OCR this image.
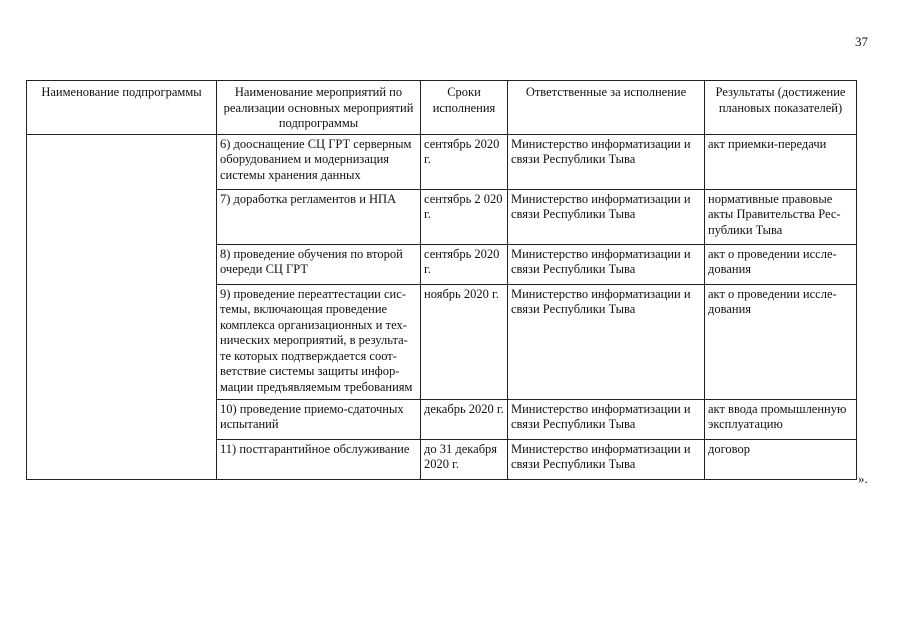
37
Наименование подпрограммы	Наименование мероприятий по реализации основных мероприятий подпрограммы	Сроки исполнения	Ответственные за исполнение	Результаты (достижение плановых показателей)
	6) дооснащение СЦ ГРТ серверным оборудованием и модернизация системы хранения данных	сентябрь 2020 г.	Министерство информатизации и связи Республики Тыва	акт приемки-передачи
	7) доработка регламентов и НПА	сентябрь 2 020 г.	Министерство информатизации и связи Республики Тыва	нормативные правовые акты Правительства Рес-публики Тыва
	8) проведение обучения по второй очереди СЦ ГРТ	сентябрь 2020 г.	Министерство информатизации и связи Республики Тыва	акт о проведении иссле-дования
	9) проведение переаттестации сис-темы, включающая проведение комплекса организационных и тех-нических мероприятий, в результа-те которых подтверждается соот-ветствие системы защиты инфор-мации предъявляемым требованиям	ноябрь 2020 г.	Министерство информатизации и связи Республики Тыва	акт о проведении иссле-дования
	10) проведение приемо-сдаточных испытаний	декабрь 2020 г.	Министерство информатизации и связи Республики Тыва	акт ввода промышленную эксплуатацию
	11) постгарантийное обслуживание	до 31 декабря 2020 г.	Министерство информатизации и связи Республики Тыва	договор
».
